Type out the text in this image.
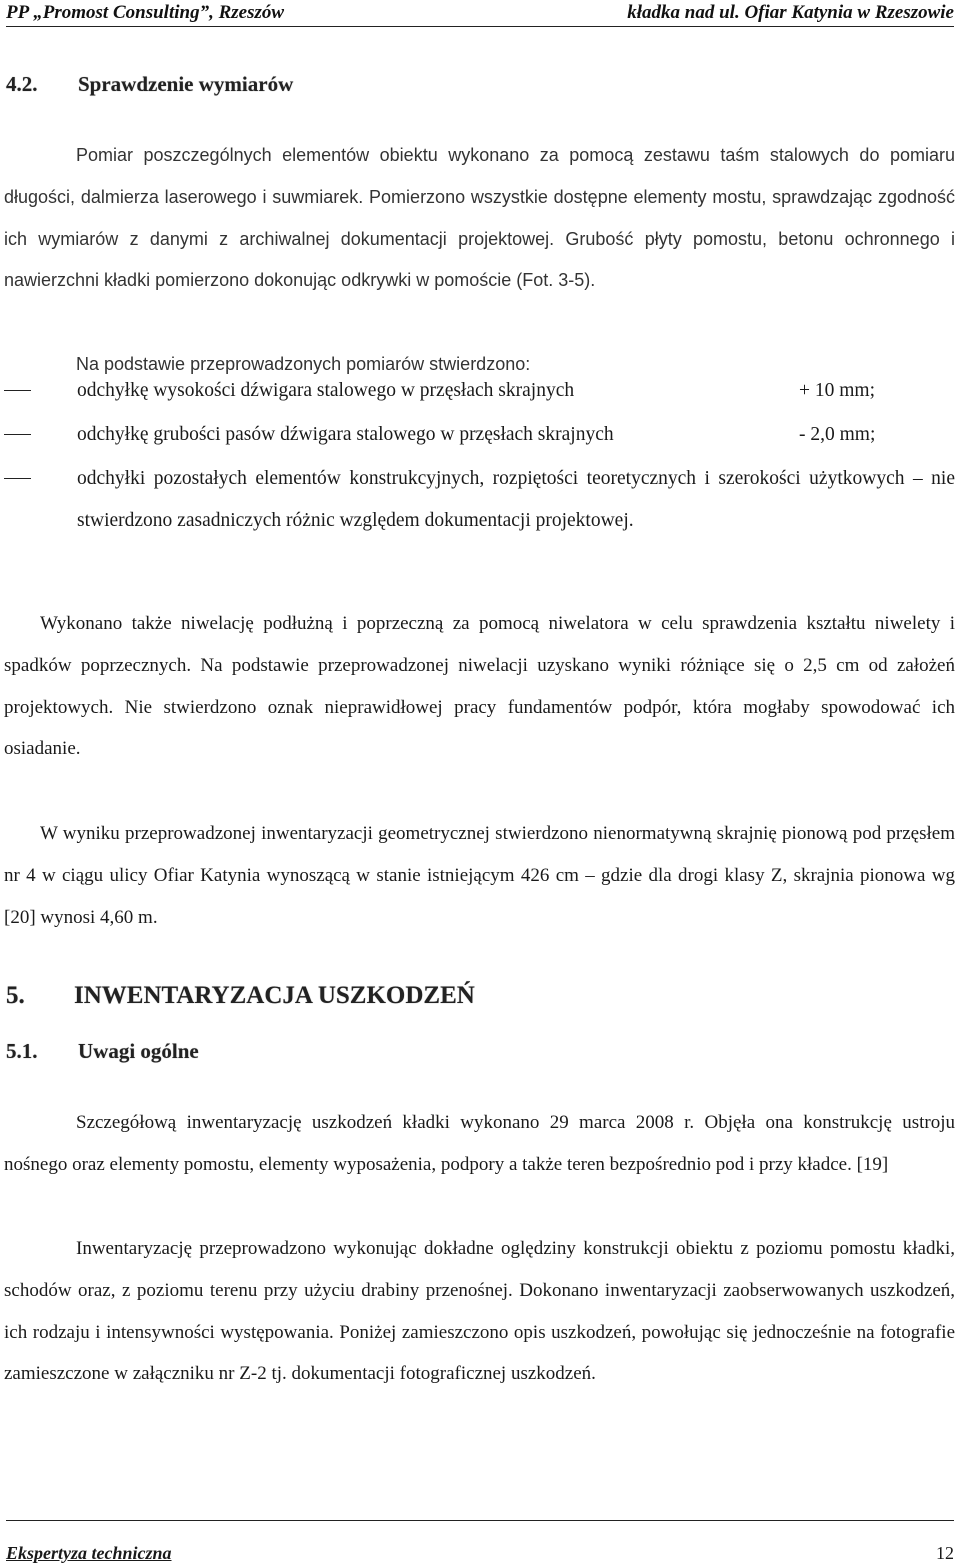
PP „Promost Consulting”, Rzeszów	kładka nad ul. Ofiar Katynia w Rzeszowie
4.2. Sprawdzenie wymiarów

Pomiar poszczególnych elementów obiektu wykonano za pomocą zestawu taśm stalowych do pomiaru długości, dalmierza laserowego i suwmiarek. Pomierzono wszystkie dostępne elementy mostu, sprawdzając zgodność ich wymiarów z danymi z archiwalnej dokumentacji projektowej. Grubość płyty pomostu, betonu ochronnego i nawierzchni kładki pomierzono dokonując odkrywki w pomoście (Fot. 3-5).

Na podstawie przeprowadzonych pomiarów stwierdzono:

odchyłkę wysokości dźwigara stalowego w przęsłach skrajnych	+ 10 mm;
odchyłkę grubości pasów dźwigara stalowego w przęsłach skrajnych	- 2,0 mm;
odchyłki pozostałych elementów konstrukcyjnych, rozpiętości teoretycznych i szerokości użytkowych – nie stwierdzono zasadniczych różnic względem dokumentacji projektowej.

Wykonano także niwelację podłużną i poprzeczną za pomocą niwelatora w celu sprawdzenia kształtu niwelety i spadków poprzecznych. Na podstawie przeprowadzonej niwelacji uzyskano wyniki różniące się o 2,5 cm od założeń projektowych. Nie stwierdzono oznak nieprawidłowej pracy fundamentów podpór, która mogłaby spowodować ich osiadanie.

W wyniku przeprowadzonej inwentaryzacji geometrycznej stwierdzono nienormatywną skrajnię pionową pod przęsłem nr 4 w ciągu ulicy Ofiar Katynia wynoszącą w stanie istniejącym 426 cm – gdzie dla drogi klasy Z, skrajnia pionowa wg [20] wynosi 4,60 m.

5. INWENTARYZACJA USZKODZEŃ
5.1. Uwagi ogólne

Szczegółową inwentaryzację uszkodzeń kładki wykonano 29 marca 2008 r. Objęła ona konstrukcję ustroju nośnego oraz elementy pomostu, elementy wyposażenia, podpory a także teren bezpośrednio pod i przy kładce. [19]

Inwentaryzację przeprowadzono wykonując dokładne oględziny konstrukcji obiektu z poziomu pomostu kładki, schodów oraz, z poziomu terenu przy użyciu drabiny przenośnej. Dokonano inwentaryzacji zaobserwowanych uszkodzeń, ich rodzaju i intensywności występowania. Poniżej zamieszczono opis uszkodzeń, powołując się jednocześnie na fotografie zamieszczone w załączniku nr Z-2 tj. dokumentacji fotograficznej uszkodzeń.

Ekspertyza techniczna	12
